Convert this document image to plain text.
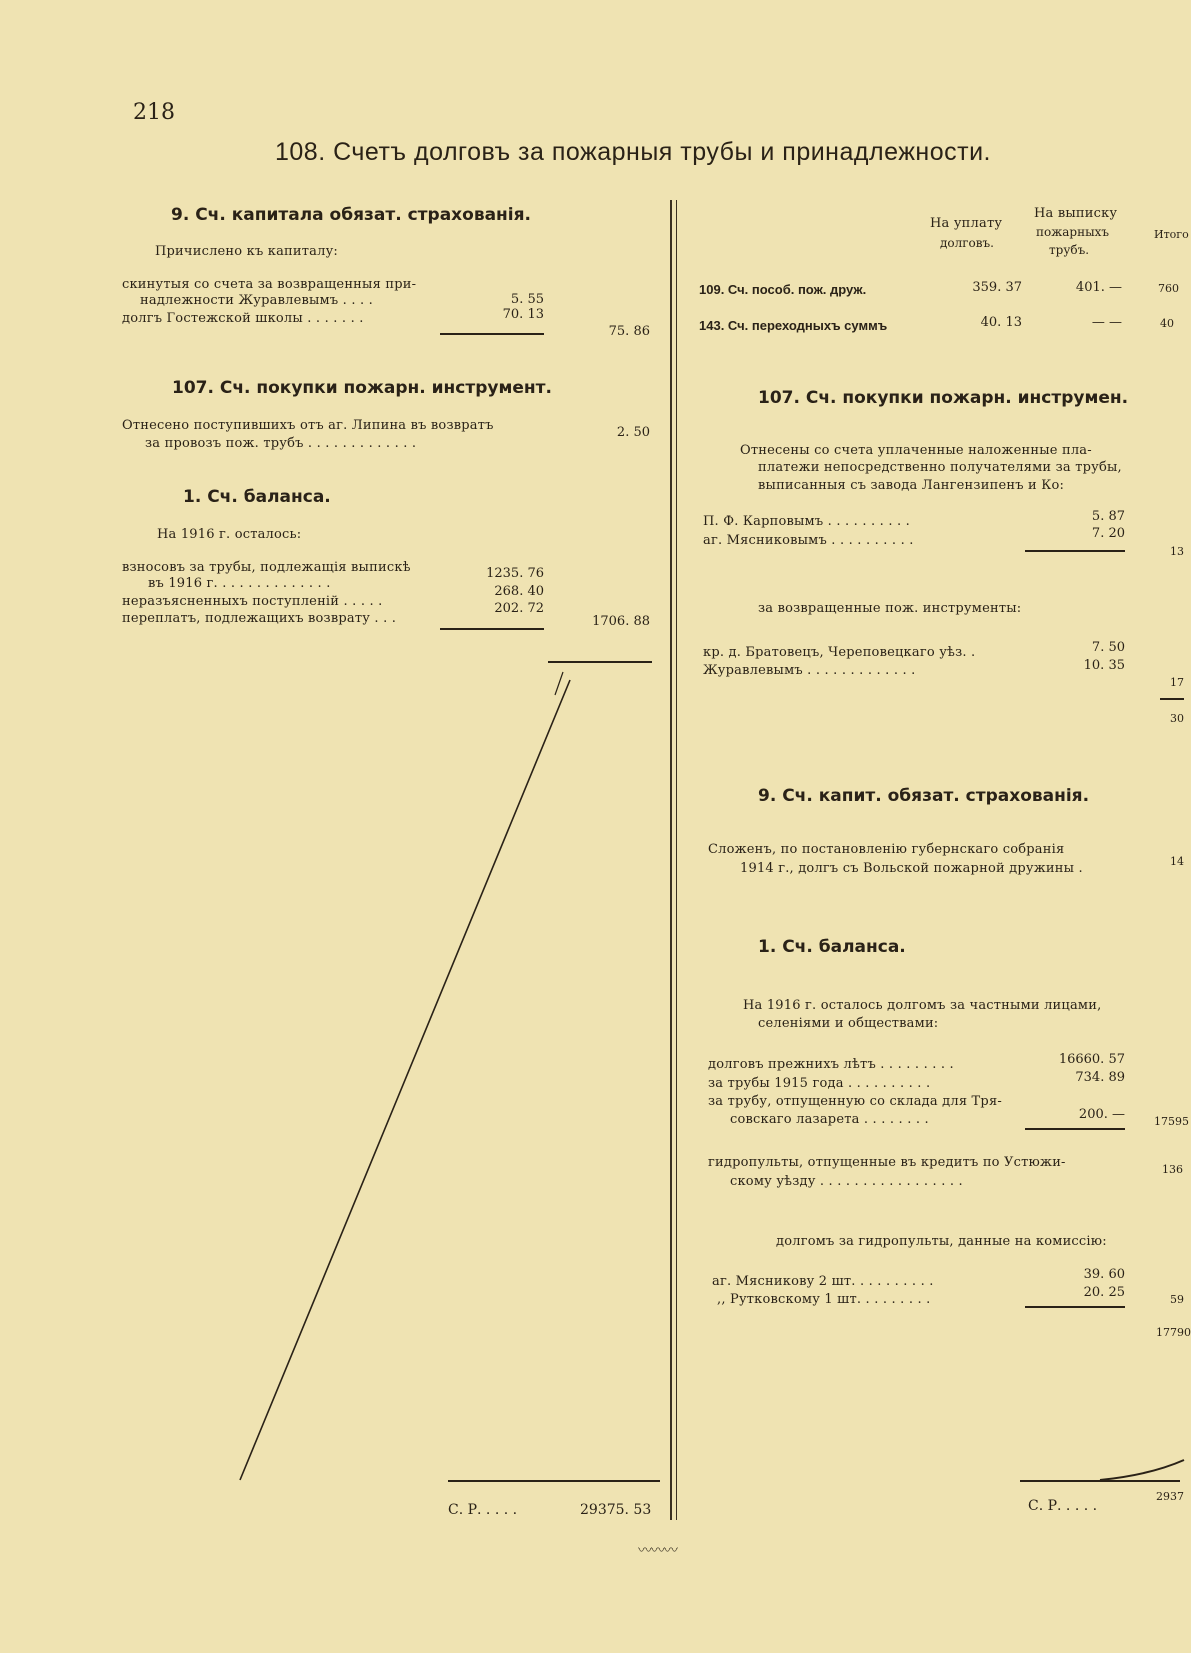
218
108. Счетъ долговъ за пожарныя трубы и принадлежности.
9. Сч. капитала обязат. страхованія.
Причислено къ капиталу:
скинутыя со счета за возвращенныя при-
надлежности Журавлевымъ . . . .	5. 55
долгъ Гостежской школы . . . . . . .	70. 13
75. 86
107. Сч. покупки пожарн. инструмент.
Отнесено поступившихъ отъ аг. Липина въ возвратъ
за провозъ пож. трубъ . . . . . . . . . . . . .
2. 50
1. Сч. баланса.
На 1916 г. осталось:
взносовъ за трубы, подлежащія выпискѣ
въ 1916 г. . . . . . . . . . . . . .
1235. 76
неразъясненныхъ поступленій . . . . .
268. 40
переплатъ, подлежащихъ возврату . . .
202. 72
1706. 88
С. Р. . . . .	29375. 53
На уплату
долговъ.
На выписку
пожарныхъ
трубъ.
Итого
109. Сч. пособ. пож. друж.	359. 37	401. —	760
143. Сч. переходныхъ суммъ	40. 13	— —	40
107. Сч. покупки пожарн. инструмен.
Отнесены со счета уплаченные наложенные пла-
платежи непосредственно получателями за трубы,
выписанныя съ завода Лангензипенъ и Ко:
П. Ф. Карповымъ . . . . . . . . . .	5. 87
аг. Мясниковымъ . . . . . . . . . .	7. 20
13
за возвращенные пож. инструменты:
кр. д. Братовецъ, Череповецкаго уѣз. .	7. 50
Журавлевымъ . . . . . . . . . . . . .	10. 35
17
30
9. Сч. капит. обязат. страхованія.
Сложенъ, по постановленію губернскаго собранія
1914 г., долгъ съ Вольской пожарной дружины .	14
1. Сч. баланса.
На 1916 г. осталось долгомъ за частными лицами,
селеніями и обществами:
долговъ прежнихъ лѣтъ . . . . . . . . .	16660. 57
за трубы 1915 года . . . . . . . . . .	734. 89
за трубу, отпущенную со склада для Тря-
совскаго лазарета . . . . . . . .	200. —	17595
гидропульты, отпущенные въ кредитъ по Устюжи-
скому уѣзду . . . . . . . . . . . . . . . . .
136
долгомъ за гидропульты, данные на комиссію:
аг. Мясникову 2 шт. . . . . . . . . .	39. 60
,, Рутковскому 1 шт. . . . . . . . .	20. 25	59
17790
С. Р. . . . .
2937
〰〰〰
